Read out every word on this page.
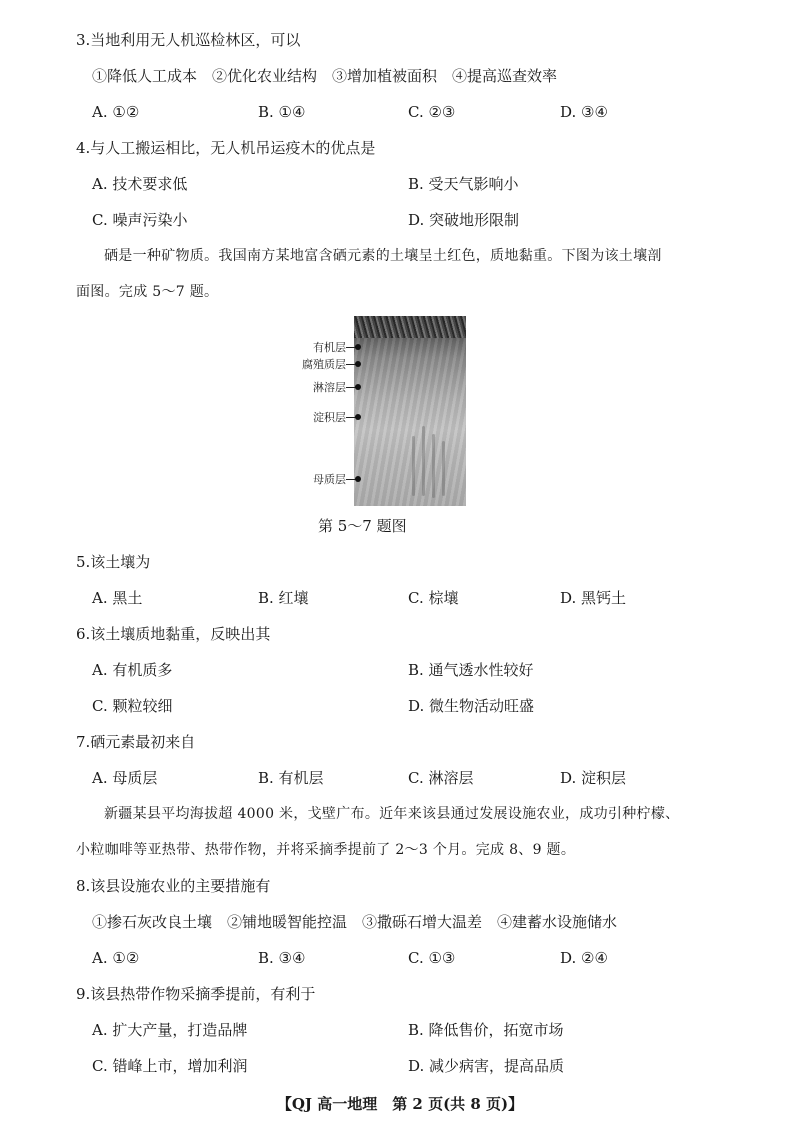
3.当地利用无人机巡检林区，可以
①降低人工成本　②优化农业结构　③增加植被面积　④提高巡查效率
A. ①②	B. ①④	C. ②③	D. ③④
4.与人工搬运相比，无人机吊运疫木的优点是
A. 技术要求低	B. 受天气影响小
C. 噪声污染小	D. 突破地形限制
硒是一种矿物质。我国南方某地富含硒元素的土壤呈土红色，质地黏重。下图为该土壤剖
面图。完成 5～7 题。
有机层
腐殖质层
淋溶层
淀积层
母质层
第 5～7 题图
5.该土壤为
A. 黑土	B. 红壤	C. 棕壤	D. 黑钙土
6.该土壤质地黏重，反映出其
A. 有机质多	B. 通气透水性较好
C. 颗粒较细	D. 微生物活动旺盛
7.硒元素最初来自
A. 母质层	B. 有机层	C. 淋溶层	D. 淀积层
新疆某县平均海拔超 4000 米，戈壁广布。近年来该县通过发展设施农业，成功引种柠檬、
小粒咖啡等亚热带、热带作物，并将采摘季提前了 2～3 个月。完成 8、9 题。
8.该县设施农业的主要措施有
①掺石灰改良土壤　②铺地暖智能控温　③撒砾石增大温差　④建蓄水设施储水
A. ①②	B. ③④	C. ①③	D. ②④
9.该县热带作物采摘季提前，有利于
A. 扩大产量，打造品牌	B. 降低售价，拓宽市场
C. 错峰上市，增加利润	D. 减少病害，提高品质
【QJ 高一地理　第 2 页(共 8 页)】
